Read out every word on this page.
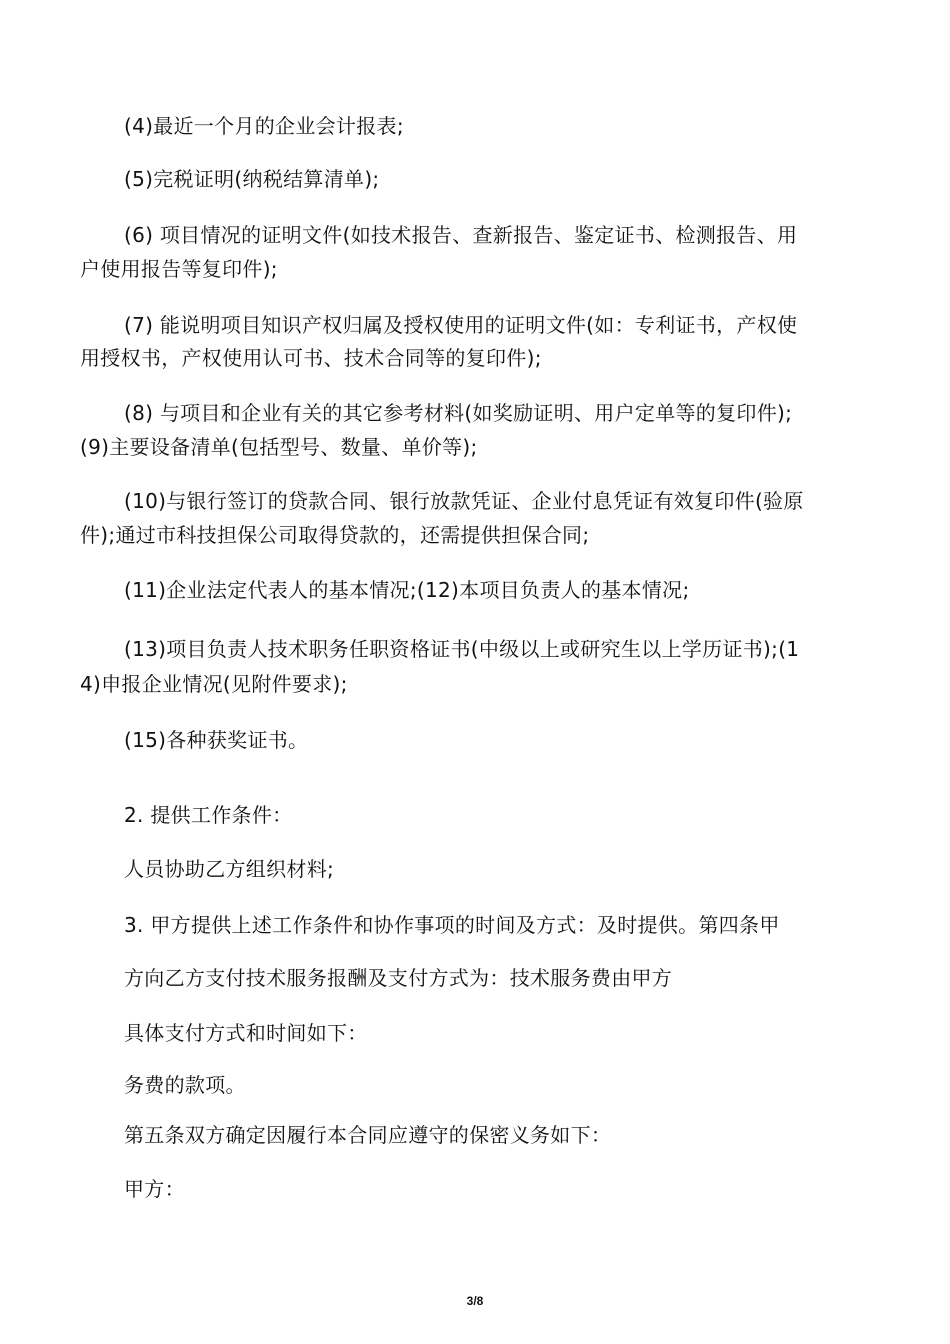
(4)最近一个月的企业会计报表;
(5)完税证明(纳税结算清单);
(6) 项目情况的证明文件(如技术报告、查新报告、鉴定证书、检测报告、用
户使用报告等复印件);
(7) 能说明项目知识产权归属及授权使用的证明文件(如：专利证书，产权使
用授权书，产权使用认可书、技术合同等的复印件);
(8) 与项目和企业有关的其它参考材料(如奖励证明、用户定单等的复印件);
(9)主要设备清单(包括型号、数量、单价等);
(10)与银行签订的贷款合同、银行放款凭证、企业付息凭证有效复印件(验原
件);通过市科技担保公司取得贷款的，还需提供担保合同;
(11)企业法定代表人的基本情况;(12)本项目负责人的基本情况;
(13)项目负责人技术职务任职资格证书(中级以上或研究生以上学历证书);(1
4)申报企业情况(见附件要求);
(15)各种获奖证书。
2. 提供工作条件：
人员协助乙方组织材料;
3. 甲方提供上述工作条件和协作事项的时间及方式：及时提供。第四条甲
方向乙方支付技术服务报酬及支付方式为：技术服务费由甲方
具体支付方式和时间如下：
务费的款项。
第五条双方确定因履行本合同应遵守的保密义务如下：
甲方：
3/8
